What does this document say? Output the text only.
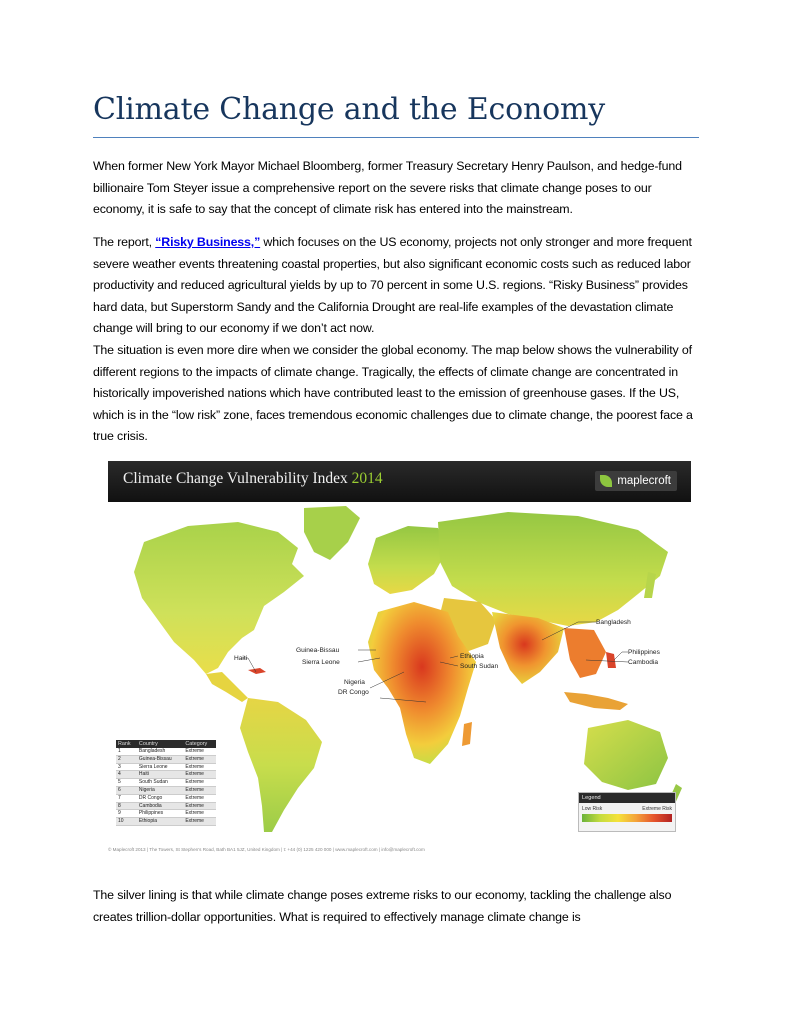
Climate Change and the Economy

When former New York Mayor Michael Bloomberg, former Treasury Secretary Henry Paulson, and hedge-fund billionaire Tom Steyer issue a comprehensive report on the severe risks that climate change poses to our economy, it is safe to say that the concept of climate risk has entered into the mainstream.

The report, “Risky Business,” which focuses on the US economy, projects not only stronger and more frequent severe weather events threatening coastal properties, but also significant economic costs such as reduced labor productivity and reduced agricultural yields by up to 70 percent in some U.S. regions. “Risky Business” provides hard data, but Superstorm Sandy and the California Drought are real-life examples of the devastation climate change will bring to our economy if we don’t act now.

The situation is even more dire when we consider the global economy. The map below shows the vulnerability of different regions to the impacts of climate change. Tragically, the effects of climate change are concentrated in historically impoverished nations which have contributed least to the emission of greenhouse gases. If the US, which is in the “low risk” zone, faces tremendous economic challenges due to climate change, the poorest face a true crisis.

Climate Change Vulnerability Index 2014	maplecroft
Haiti
Guinea-Bissau
Sierra Leone
Nigeria
DR Congo
Ethiopia
South Sudan
Bangladesh
Philippines
Cambodia
Rank	Country	Category
1	Bangladesh	Extreme
2	Guinea-Bissau	Extreme
3	Sierra Leone	Extreme
4	Haiti	Extreme
5	South Sudan	Extreme
6	Nigeria	Extreme
7	DR Congo	Extreme
8	Cambodia	Extreme
9	Philippines	Extreme
10	Ethiopia	Extreme
Legend
Low Risk	Extreme Risk
© Maplecroft 2013 | The Towers, St Stephen’s Road, Bath BA1 5JZ, United Kingdom | t: +44 (0) 1225 420 000 | www.maplecroft.com | info@maplecroft.com

The silver lining is that while climate change poses extreme risks to our economy, tackling the challenge also creates trillion-dollar opportunities. What is required to effectively manage climate change is
